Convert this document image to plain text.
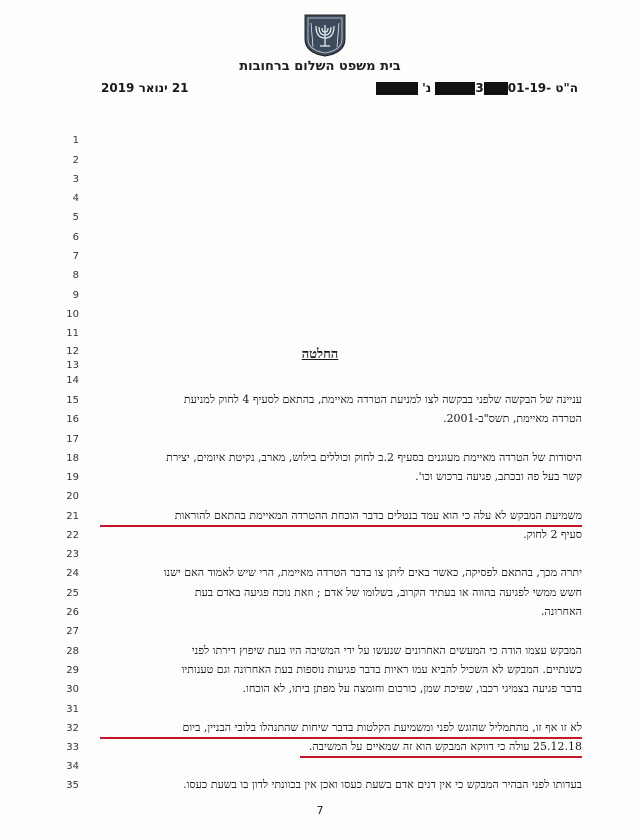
בית משפט השלום ברחובות
21 ינואר 2019	ה"ט -01-193 נ'
1
2
3
4
5
6
7
8
9
10
11
12
13
14
15
16
17
18
19
20
21
22
23
24
25
26
27
28
29
30
31
32
33
34
35
החלטה
עניינה של הבקשה שלפני בבקשה לצו למניעת הטרדה מאיימת, בהתאם לסעיף 4 לחוק למניעת
הטרדה מאיימת, תשס"ב-2001.
היסודות של הטרדה מאיימת מעוגנים בסעיף 2.ב לחוק וכוללים בילוש, מארב, נקיטת איומים, יצירת
קשר בעל פה ובכתב, פגיעה ברכוש וכו'.
משמיעת המבקש לא עלה כי הוא עמד בנטלים בדבר הוכחת ההטרדה המאיימת בהתאם להוראות
סעיף 2 לחוק.
יתרה מכך, בהתאם לפסיקה, כאשר באים ליתן צו בדבר הטרדה מאיימת, הרי שיש לאמוד האם ישנו
חשש ממשי לפגיעה בהווה או בעתיד הקרוב, בשלומו של אדם ; וזאת נוכח פגיעה באדם בעת
האחרונה.
המבקש עצמו הודה כי המעשים האחרונים שנעשו על ידי המשיבה היו בעת שיפוץ דירתו לפני
כשנתיים. המבקש לא השכיל להביא עמו ראיות בדבר פגיעות נוספות בעת האחרונה וגם טענותיו
בדבר פגיעה בצמיגי רכבו, שפיכת שמן, כורכום וחומצה על מפתן ביתו, לא הוכחו.
לא זו אף זו, מהתמליל שהוגש לפני ומשמיעת הקלטות בדבר שיחות שהתנהלו בלובי הבניין, ביום
25.12.18 עולה כי דווקא המבקש הוא זה שמאיים על המשיבה.
בעדותו לפני הבהיר המבקש כי אין דנים אדם בשעת כעסו ואכן אין בכוונתי לדון בו בשעת כעסו.
7
